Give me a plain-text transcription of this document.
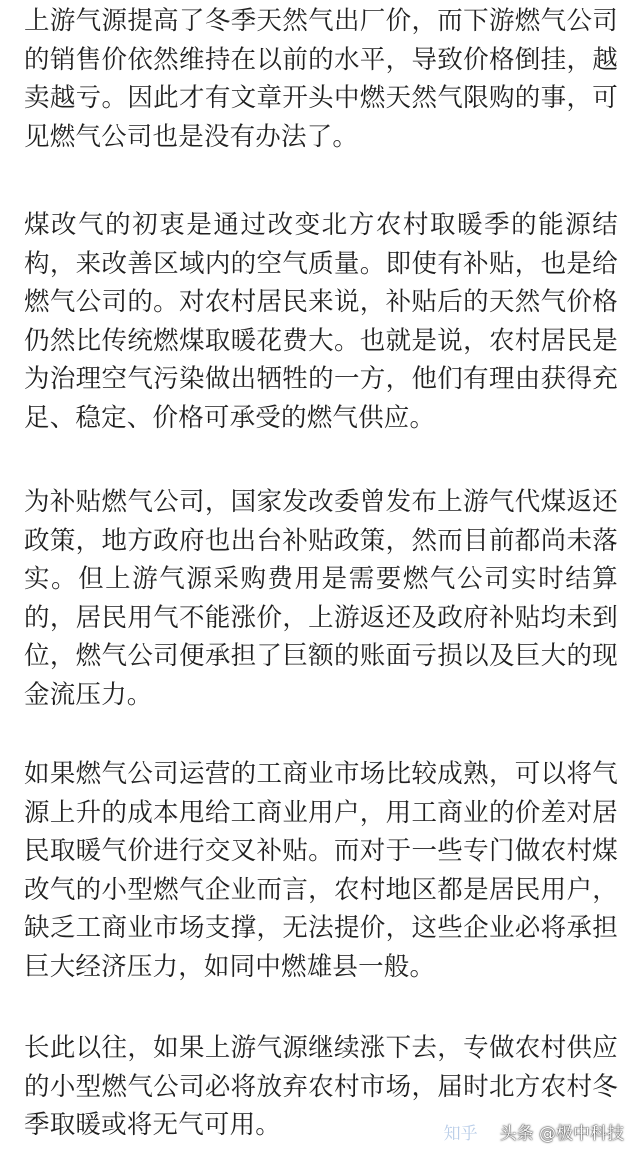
上游气源提高了冬季天然气出厂价，而下游燃气公司的销售价依然维持在以前的水平，导致价格倒挂，越卖越亏。因此才有文章开头中燃天然气限购的事，可见燃气公司也是没有办法了。

煤改气的初衷是通过改变北方农村取暖季的能源结构，来改善区域内的空气质量。即使有补贴，也是给燃气公司的。对农村居民来说，补贴后的天然气价格仍然比传统燃煤取暖花费大。也就是说，农村居民是为治理空气污染做出牺牲的一方，他们有理由获得充足、稳定、价格可承受的燃气供应。

为补贴燃气公司，国家发改委曾发布上游气代煤返还政策，地方政府也出台补贴政策，然而目前都尚未落实。但上游气源采购费用是需要燃气公司实时结算的，居民用气不能涨价，上游返还及政府补贴均未到位，燃气公司便承担了巨额的账面亏损以及巨大的现金流压力。

如果燃气公司运营的工商业市场比较成熟，可以将气源上升的成本甩给工商业用户，用工商业的价差对居民取暖气价进行交叉补贴。而对于一些专门做农村煤改气的小型燃气企业而言，农村地区都是居民用户，缺乏工商业市场支撑，无法提价，这些企业必将承担巨大经济压力，如同中燃雄县一般。

长此以往，如果上游气源继续涨下去，专做农村供应的小型燃气公司必将放弃农村市场，届时北方农村冬季取暖或将无气可用。	知乎 头条 @极中科技
